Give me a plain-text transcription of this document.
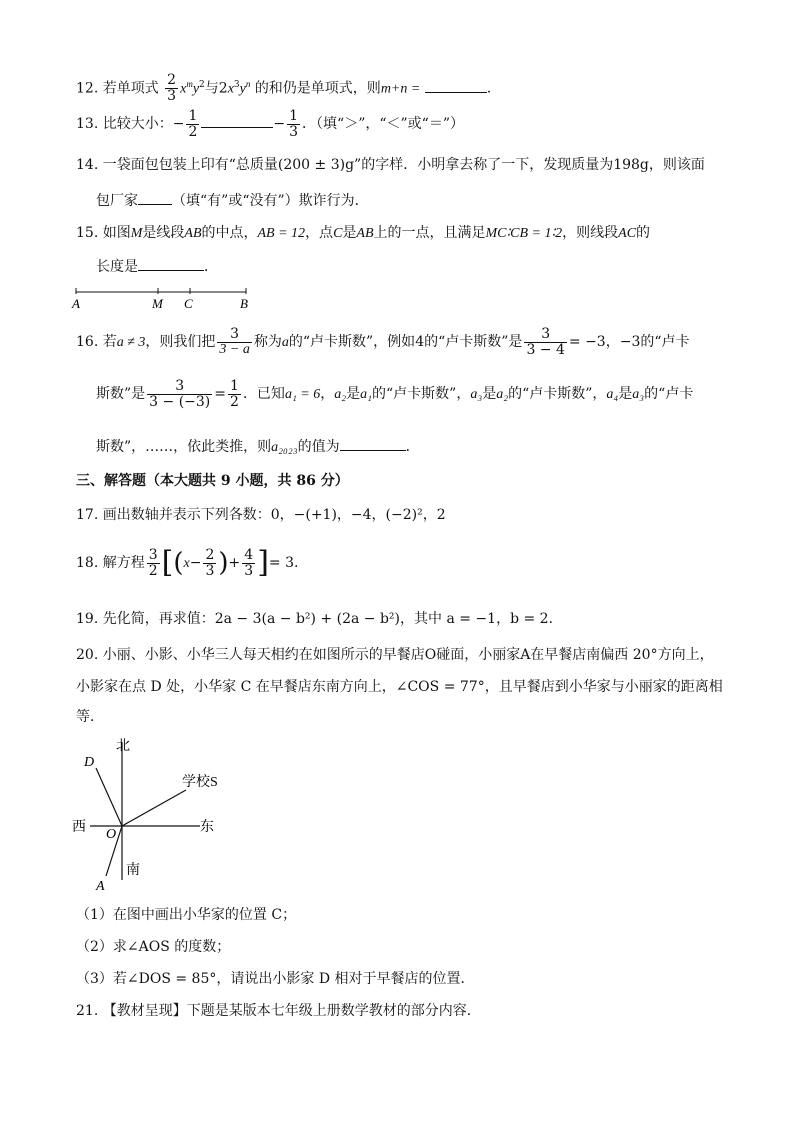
12. 若单项式 $\frac{2}{3} x^my^2$与$2x^3y^n$ 的和仍是单项式，则m+n =	.
13. 比较大小：− $\frac{1}{2}$	− $\frac{1}{3}$ ．（填“＞”，“＜”或“＝”）
14. 一袋面包包装上印有“总质量(200 ± 3)g”的字样．小明拿去称了一下，发现质量为198g，则该面
包厂家 （填“有”或“没有”）欺诈行为．
15. 如图M是线段AB的中点，AB = 12，点C是AB上的一点，且满足MC∶CB = 1∶2，则线段AC的
长度是	．
A	M C	B
16. 若a ≠ 3，则我们把 $\frac{3}{3 - a}$ 称为a的“卢卡斯数”，例如4的“卢卡斯数”是 $\frac{3}{3 - 4} = -3$，−3的“卢卡
斯数”是 $\frac{3}{3 - (-3)} = \frac{1}{2}$ ．已知a₁ = 6，a₂是a₁的“卢卡斯数”，a₃是a₂的“卢卡斯数”，a₄是a₃的“卢卡
斯数”，……，依此类推，则a₂₀₂₃的值为	．
三、解答题（本大题共 9 小题，共 86 分）
17. 画出数轴并表示下列各数：0，−(+1)，−4，(−2)²，2
18. 解方程 $\frac{3}{2} [(x- \frac{2}{3}$ )+ $\frac{4}{3}$ ]= 3.
19. 先化简，再求值：2a − 3(a − b²) + (2a − b²)，其中 a = −1，b = 2．
20. 小丽、小影、小华三人每天相约在如图所示的早餐店O碰面，小丽家A在早餐店南偏西 20°方向上，
小影家在点 D 处，小华家 C 在早餐店东南方向上，∠COS = 77°，且早餐店到小华家与小丽家的距离相
等．
北
D
学校S
西 O	东
南
A
（1）在图中画出小华家的位置 C；
（2）求∠AOS 的度数；
（3）若∠DOS = 85°，请说出小影家 D 相对于早餐店的位置．
21. 【教材呈现】下题是某版本七年级上册数学教材的部分内容．
